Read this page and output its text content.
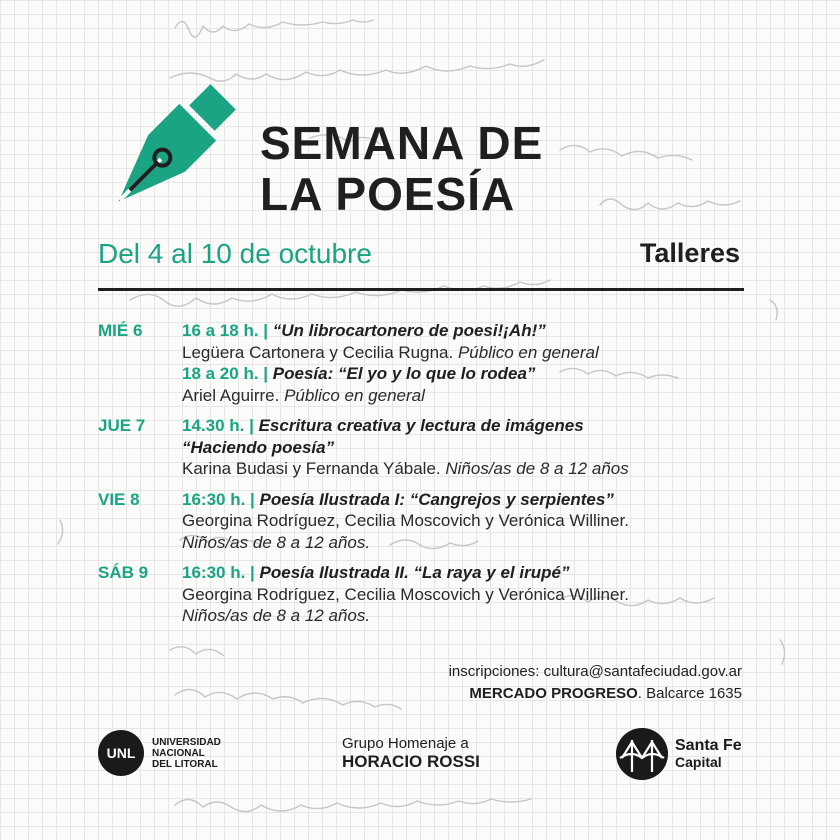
SEMANA DE
LA POESÍA
Del 4 al 10 de octubre	Talleres
MIÉ 6	16 a 18 h. | “Un librocartonero de poesi!¡Ah!”
Legüera Cartonera y Cecilia Rugna. Público en general
18 a 20 h. | Poesía: “El yo y lo que lo rodea”
Ariel Aguirre. Público en general
JUE 7	14.30 h. | Escritura creativa y lectura de imágenes
“Haciendo poesía”
Karina Budasi y Fernanda Yábale. Niños/as de 8 a 12 años
VIE 8	16:30 h. | Poesía Ilustrada I: “Cangrejos y serpientes”
Georgina Rodríguez, Cecilia Moscovich y Verónica Williner.
Niños/as de 8 a 12 años.
SÁB 9	16:30 h. | Poesía Ilustrada II. “La raya y el irupé”
Georgina Rodríguez, Cecilia Moscovich y Verónica Williner.
Niños/as de 8 a 12 años.
inscripciones: cultura@santafeciudad.gov.ar
MERCADO PROGRESO. Balcarce 1635
UNL
UNIVERSIDAD
NACIONAL
DEL LITORAL
Grupo Homenaje a
HORACIO ROSSI
Santa Fe
Capital
